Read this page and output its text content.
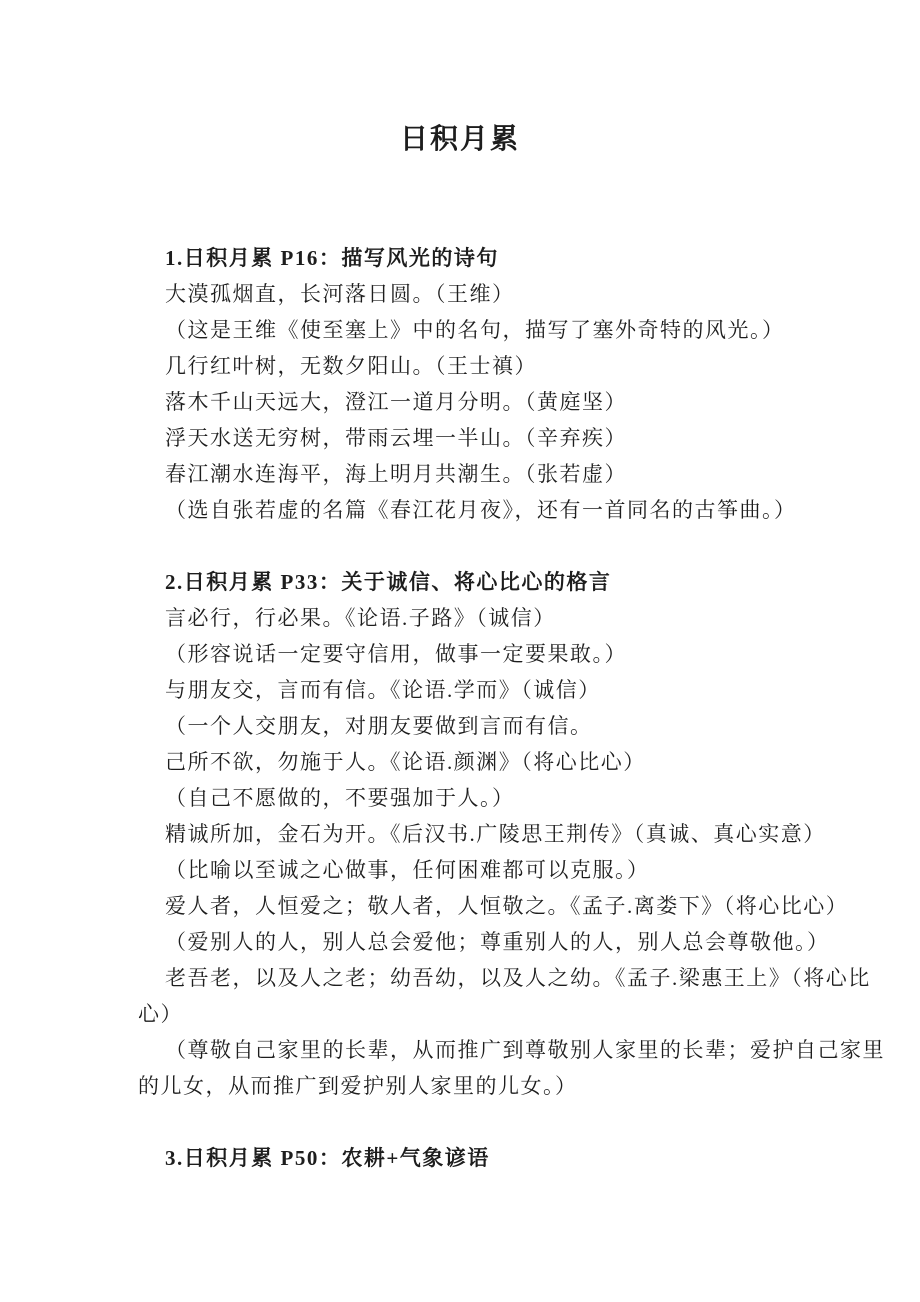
日积月累
1.日积月累 P16：描写风光的诗句

大漠孤烟直，长河落日圆。（王维）

（这是王维《使至塞上》中的名句，描写了塞外奇特的风光。）

几行红叶树，无数夕阳山。（王士禛）

落木千山天远大，澄江一道月分明。（黄庭坚）

浮天水送无穷树，带雨云埋一半山。（辛弃疾）

春江潮水连海平，海上明月共潮生。（张若虚）

（选自张若虚的名篇《春江花月夜》，还有一首同名的古筝曲。）

2.日积月累 P33：关于诚信、将心比心的格言

言必行，行必果。《论语.子路》（诚信）

（形容说话一定要守信用，做事一定要果敢。）

与朋友交，言而有信。《论语.学而》（诚信）

（一个人交朋友，对朋友要做到言而有信。

己所不欲，勿施于人。《论语.颜渊》（将心比心）

（自己不愿做的，不要强加于人。）

精诚所加，金石为开。《后汉书.广陵思王荆传》（真诚、真心实意）

（比喻以至诚之心做事，任何困难都可以克服。）

爱人者，人恒爱之；敬人者，人恒敬之。《孟子.离娄下》（将心比心）

（爱别人的人，别人总会爱他；尊重别人的人，别人总会尊敬他。）

老吾老，以及人之老；幼吾幼，以及人之幼。《孟子.梁惠王上》（将心比

心）

（尊敬自己家里的长辈，从而推广到尊敬别人家里的长辈；爱护自己家里

的儿女，从而推广到爱护别人家里的儿女。）

3.日积月累 P50：农耕+气象谚语
